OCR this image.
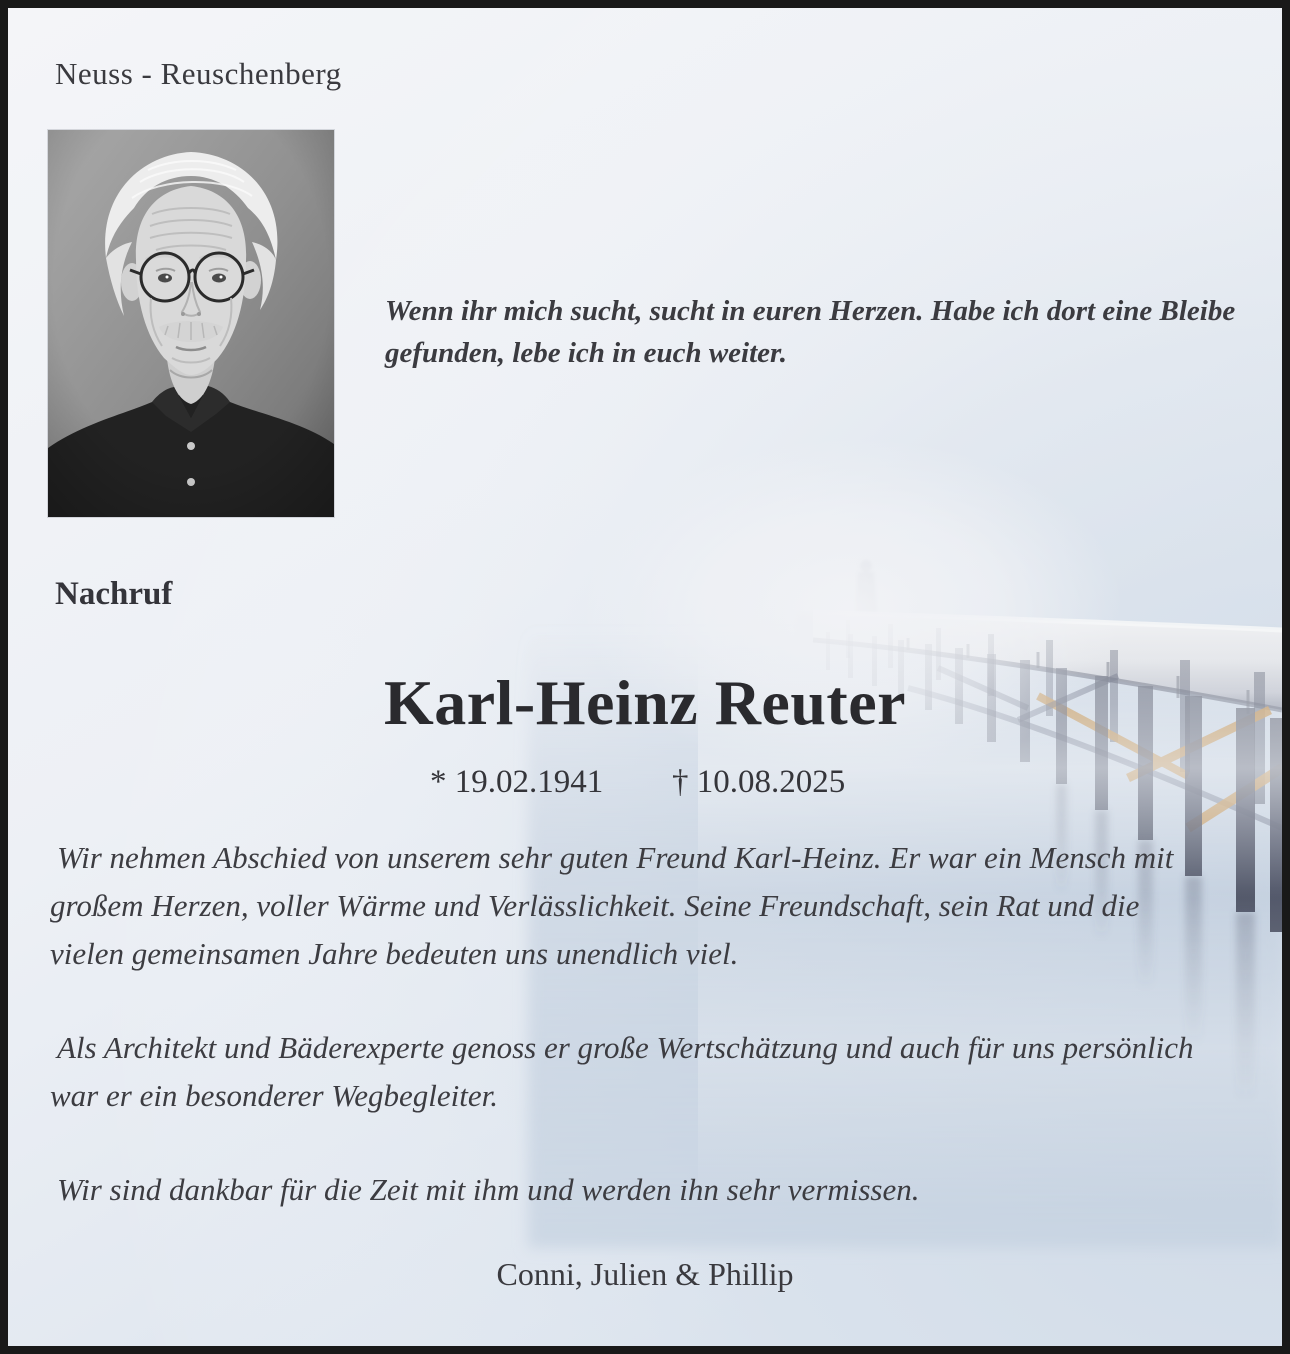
Neuss - Reuschenberg
Wenn ihr mich sucht, sucht in euren Herzen. Habe ich dort eine Bleibe gefunden, lebe ich in euch weiter.
Nachruf
Karl-Heinz Reuter
* 19.02.1941 † 10.08.2025

Wir nehmen Abschied von unserem sehr guten Freund Karl-Heinz. Er war ein Mensch mit großem Herzen, voller Wärme und Verlässlichkeit. Seine Freundschaft, sein Rat und die vielen gemeinsamen Jahre bedeuten uns unendlich viel.

Als Architekt und Bäderexperte genoss er große Wertschätzung und auch für uns persönlich war er ein besonderer Wegbegleiter.

Wir sind dankbar für die Zeit mit ihm und werden ihn sehr vermissen.

Conni, Julien & Phillip
